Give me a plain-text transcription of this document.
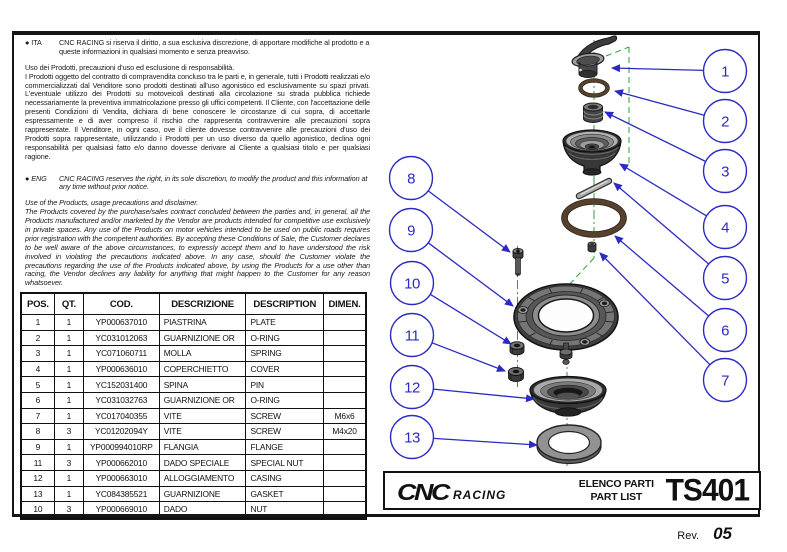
● ITA	CNC RACING si riserva il diritto, a sua esclusiva discrezione, di apportare modifiche al prodotto e a queste informazioni in qualsiasi momento e senza preavviso.

Uso dei Prodotti, precauzioni d'uso ed esclusione di responsabilità.

I Prodotti oggetto del contratto di compravendita concluso tra le parti e, in generale, tutti i Prodotti realizzati e/o commercializzati dal Venditore sono prodotti destinati all'uso agonistico ed esclusivamente su spazi privati. L'eventuale utilizzo dei Prodotti su motoveicoli destinati alla circolazione su strada pubblica richiede necessariamente la preventiva immatricolazione presso gli uffici competenti. Il Cliente, con l'accettazione delle presenti Condizioni di Vendita, dichiara di bene conoscere le circostanze di cui sopra, di accettarle espressamente e di aver compreso il rischio che rappresenta contravvenire alle precauzioni sopra rappresentate. Il Venditore, in ogni caso, ove il cliente dovesse contravvenire alle precauzioni d'uso dei Prodotti sopra rappresentate, utilizzando i Prodotti per un uso diverso da quello agonistico, declina ogni responsabilità per qualsiasi fatto e/o danno dovesse derivare al Cliente a qualsiasi titolo e per qualsiasi ragione.

● ENG	CNC RACING reserves the right, in its sole discretion, to modify the product and this information at any time without prior notice.

Use of the Products, usage precautions and disclaimer.

The Products covered by the purchase/sales contract concluded between the parties and, in general, all the Products manufactured and/or marketed by the Vendor are products intended for competitive use exclusively in private spaces. Any use of the Products on motor vehicles intended to be used on public roads requires prior registration with the competent authorities. By accepting these Conditions of Sale, the Customer declares to be well aware of the above circumstances, to expressly accept them and to have understood the risk involved in violating the precautions indicated above. In any case, should the Customer violate the precautions regarding the use of the Products indicated above, by using the Products for a use other than racing, the Vendor declines any liability for anything that might happen to the Customer for any reason whatsoever.

POS.	QT.	COD.	DESCRIZIONE	DESCRIPTION	DIMEN.
1	1	YP000637010	PIASTRINA	PLATE	
2	1	YC031012063	GUARNIZIONE OR	O-RING	
3	1	YC071060711	MOLLA	SPRING	
4	1	YP000636010	COPERCHIETTO	COVER	
5	1	YC152031400	SPINA	PIN	
6	1	YC031032763	GUARNIZIONE OR	O-RING	
7	1	YC017040355	VITE	SCREW	M6x6
8	3	YC01202094Y	VITE	SCREW	M4x20
9	1	YP000994010RP	FLANGIA	FLANGE	
11	3	YP000662010	DADO SPECIALE	SPECIAL NUT	
12	1	YP000663010	ALLOGGIAMENTO	CASING	
13	1	YC084385521	GUARNIZIONE	GASKET	
10	3	YP000669010	DADO	NUT	
1
2
3
4
5
6
7
8
9
10
11
12
13
CNC RACING
ELENCO PARTI
PART LIST TS401
Rev. 05
